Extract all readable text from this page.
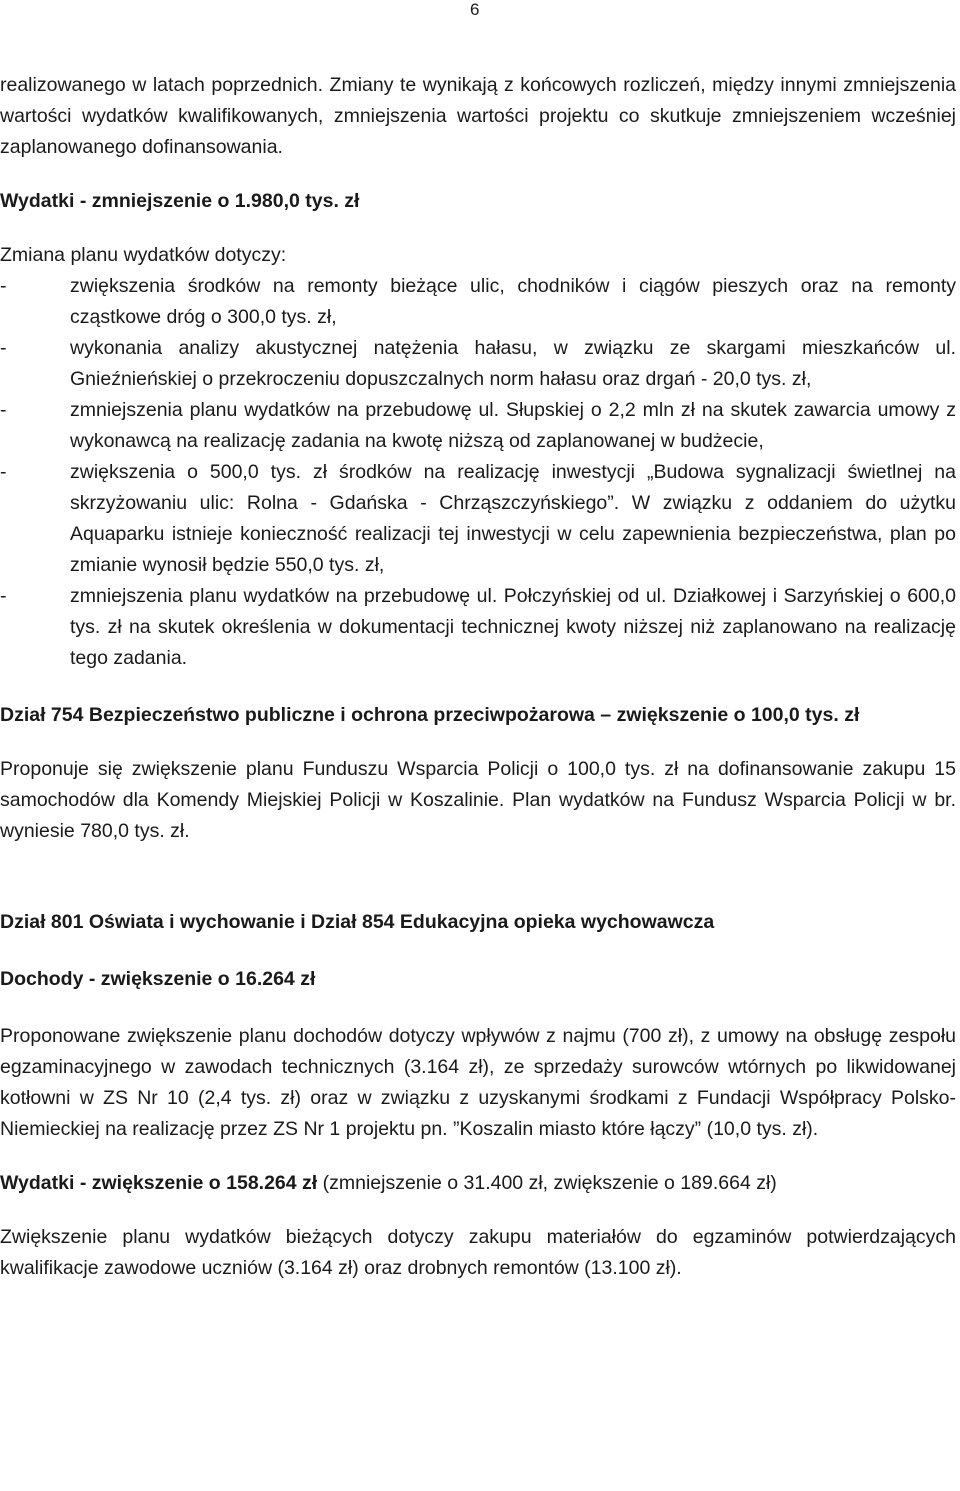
6

realizowanego w latach poprzednich. Zmiany te wynikają z końcowych rozliczeń, między innymi zmniejszenia wartości wydatków kwalifikowanych, zmniejszenia wartości projektu co skutkuje zmniejszeniem wcześniej zaplanowanego dofinansowania.

Wydatki - zmniejszenie o 1.980,0 tys. zł

Zmiana planu wydatków dotyczy:

- zwiększenia środków na remonty bieżące ulic, chodników i ciągów pieszych oraz na remonty cząstkowe dróg o 300,0 tys. zł,
- wykonania analizy akustycznej natężenia hałasu, w związku ze skargami mieszkańców ul. Gnieźnieńskiej o przekroczeniu dopuszczalnych norm hałasu oraz drgań - 20,0 tys. zł,
- zmniejszenia planu wydatków na przebudowę ul. Słupskiej o 2,2 mln zł na skutek zawarcia umowy z wykonawcą na realizację zadania na kwotę niższą od zaplanowanej w budżecie,
- zwiększenia o 500,0 tys. zł środków na realizację inwestycji „Budowa sygnalizacji świetlnej na skrzyżowaniu ulic: Rolna - Gdańska - Chrząszczyńskiego”. W związku z oddaniem do użytku Aquaparku istnieje konieczność realizacji tej inwestycji w celu zapewnienia bezpieczeństwa, plan po zmianie wynosił będzie 550,0 tys. zł,
- zmniejszenia planu wydatków na przebudowę ul. Połczyńskiej od ul. Działkowej i Sarzyńskiej o 600,0 tys. zł na skutek określenia w dokumentacji technicznej kwoty niższej niż zaplanowano na realizację tego zadania.

Dział 754 Bezpieczeństwo publiczne i ochrona przeciwpożarowa – zwiększenie o 100,0 tys. zł

Proponuje się zwiększenie planu Funduszu Wsparcia Policji o 100,0 tys. zł na dofinansowanie zakupu 15 samochodów dla Komendy Miejskiej Policji w Koszalinie. Plan wydatków na Fundusz Wsparcia Policji w br. wyniesie 780,0 tys. zł.

Dział 801 Oświata i wychowanie i Dział 854 Edukacyjna opieka wychowawcza

Dochody - zwiększenie o 16.264 zł

Proponowane zwiększenie planu dochodów dotyczy wpływów z najmu (700 zł), z umowy na obsługę zespołu egzaminacyjnego w zawodach technicznych (3.164 zł), ze sprzedaży surowców wtórnych po likwidowanej kotłowni w ZS Nr 10 (2,4 tys. zł) oraz w związku z uzyskanymi środkami z Fundacji Współpracy Polsko-Niemieckiej na realizację przez ZS Nr 1 projektu pn. ”Koszalin miasto które łączy” (10,0 tys. zł).

Wydatki - zwiększenie o 158.264 zł (zmniejszenie o 31.400 zł, zwiększenie o 189.664 zł)

Zwiększenie planu wydatków bieżących dotyczy zakupu materiałów do egzaminów potwierdzających kwalifikacje zawodowe uczniów (3.164 zł) oraz drobnych remontów (13.100 zł).
